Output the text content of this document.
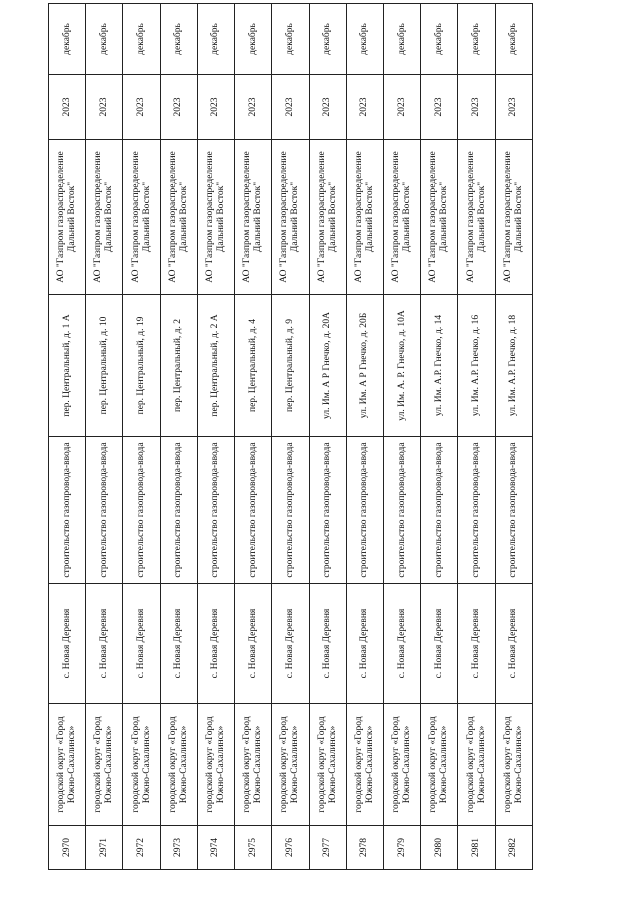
2970	городской округ «Город Южно-Сахалинск»	с. Новая Деревня	строительство газопровода-ввода	пер. Центральный, д. 1 А	АО "Газпром газораспределение Дальний Восток"	2023	декабрь
2971	городской округ «Город Южно-Сахалинск»	с. Новая Деревня	строительство газопровода-ввода	пер. Центральный, д. 10	АО "Газпром газораспределение Дальний Восток"	2023	декабрь
2972	городской округ «Город Южно-Сахалинск»	с. Новая Деревня	строительство газопровода-ввода	пер. Центральный, д. 19	АО "Газпром газораспределение Дальний Восток"	2023	декабрь
2973	городской округ «Город Южно-Сахалинск»	с. Новая Деревня	строительство газопровода-ввода	пер. Центральный, д. 2	АО "Газпром газораспределение Дальний Восток"	2023	декабрь
2974	городской округ «Город Южно-Сахалинск»	с. Новая Деревня	строительство газопровода-ввода	пер. Центральный, д. 2 А	АО "Газпром газораспределение Дальний Восток"	2023	декабрь
2975	городской округ «Город Южно-Сахалинск»	с. Новая Деревня	строительство газопровода-ввода	пер. Центральный, д. 4	АО "Газпром газораспределение Дальний Восток"	2023	декабрь
2976	городской округ «Город Южно-Сахалинск»	с. Новая Деревня	строительство газопровода-ввода	пер. Центральный, д. 9	АО "Газпром газораспределение Дальний Восток"	2023	декабрь
2977	городской округ «Город Южно-Сахалинск»	с. Новая Деревня	строительство газопровода-ввода	ул. Им. А Р Гнечко, д. 20А	АО "Газпром газораспределение Дальний Восток"	2023	декабрь
2978	городской округ «Город Южно-Сахалинск»	с. Новая Деревня	строительство газопровода-ввода	ул. Им. А Р Гнечко, д. 20Б	АО "Газпром газораспределение Дальний Восток"	2023	декабрь
2979	городской округ «Город Южно-Сахалинск»	с. Новая Деревня	строительство газопровода-ввода	ул. Им. А. Р. Гнечко, д. 10А	АО "Газпром газораспределение Дальний Восток"	2023	декабрь
2980	городской округ «Город Южно-Сахалинск»	с. Новая Деревня	строительство газопровода-ввода	ул. Им. А.Р. Гнечко, д. 14	АО "Газпром газораспределение Дальний Восток"	2023	декабрь
2981	городской округ «Город Южно-Сахалинск»	с. Новая Деревня	строительство газопровода-ввода	ул. Им. А.Р. Гнечко, д. 16	АО "Газпром газораспределение Дальний Восток"	2023	декабрь
2982	городской округ «Город Южно-Сахалинск»	с. Новая Деревня	строительство газопровода-ввода	ул. Им. А.Р. Гнечко, д. 18	АО "Газпром газораспределение Дальний Восток"	2023	декабрь
